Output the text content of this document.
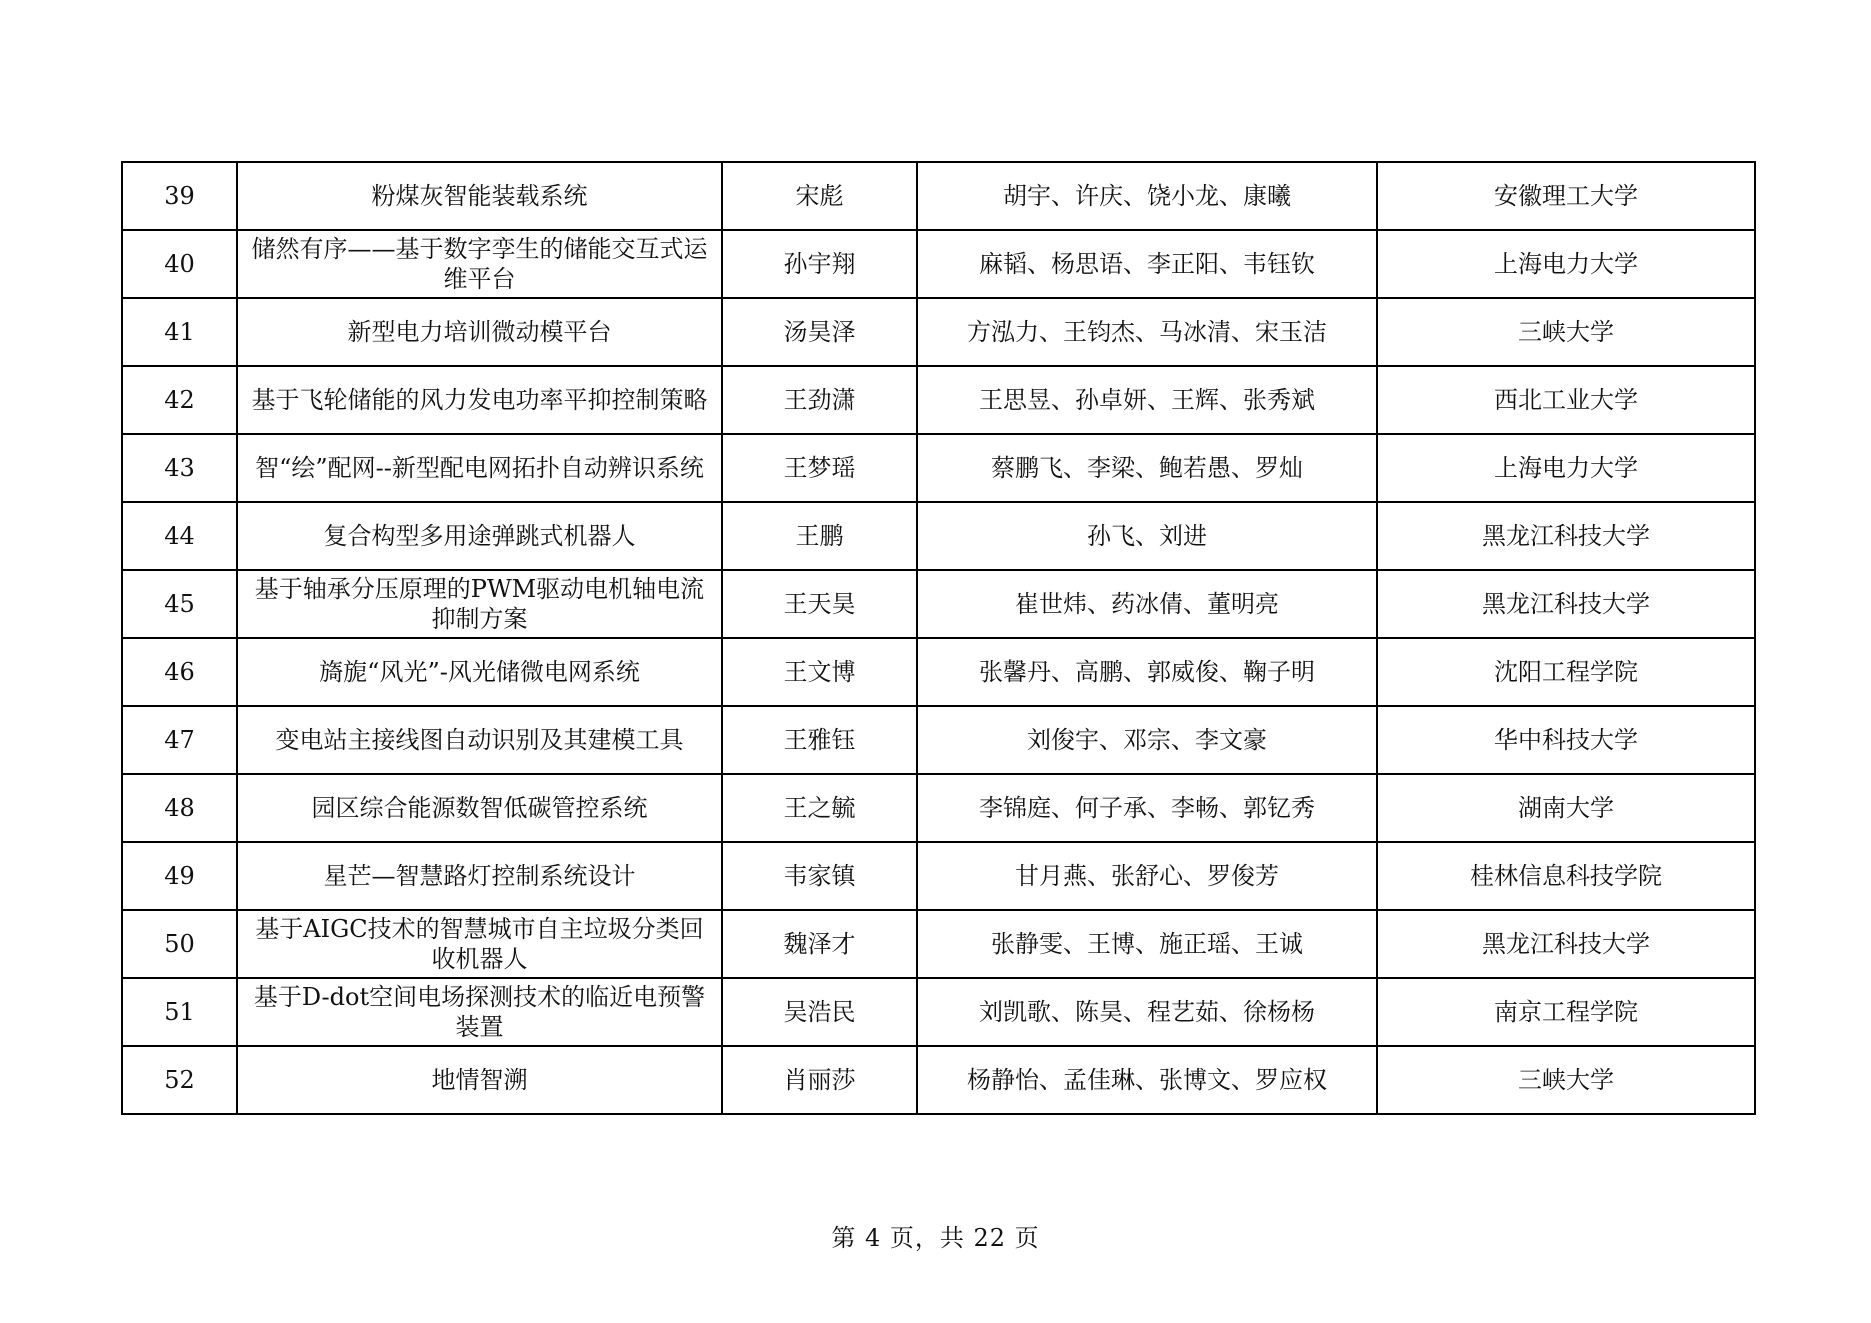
39	粉煤灰智能装载系统	宋彪	胡宇、许庆、饶小龙、康曦	安徽理工大学
40	储然有序——基于数字孪生的储能交互式运维平台	孙宇翔	麻韬、杨思语、李正阳、韦钰钦	上海电力大学
41	新型电力培训微动模平台	汤昊泽	方泓力、王钧杰、马冰清、宋玉洁	三峡大学
42	基于飞轮储能的风力发电功率平抑控制策略	王劲潇	王思昱、孙卓妍、王辉、张秀斌	西北工业大学
43	智“绘”配网--新型配电网拓扑自动辨识系统	王梦瑶	蔡鹏飞、李梁、鲍若愚、罗灿	上海电力大学
44	复合构型多用途弹跳式机器人	王鹏	孙飞、刘进	黑龙江科技大学
45	基于轴承分压原理的PWM驱动电机轴电流抑制方案	王天昊	崔世炜、药冰倩、董明亮	黑龙江科技大学
46	旖旎“风光”-风光储微电网系统	王文博	张馨丹、高鹏、郭威俊、鞠子明	沈阳工程学院
47	变电站主接线图自动识别及其建模工具	王雅钰	刘俊宇、邓宗、李文豪	华中科技大学
48	园区综合能源数智低碳管控系统	王之毓	李锦庭、何子承、李畅、郭钇秀	湖南大学
49	星芒—智慧路灯控制系统设计	韦家镇	甘月燕、张舒心、罗俊芳	桂林信息科技学院
50	基于AIGC技术的智慧城市自主垃圾分类回收机器人	魏泽才	张静雯、王博、施正瑶、王诚	黑龙江科技大学
51	基于D-dot空间电场探测技术的临近电预警装置	吴浩民	刘凯歌、陈昊、程艺茹、徐杨杨	南京工程学院
52	地情智溯	肖丽莎	杨静怡、孟佳琳、张博文、罗应权	三峡大学
第 4 页，共 22 页
